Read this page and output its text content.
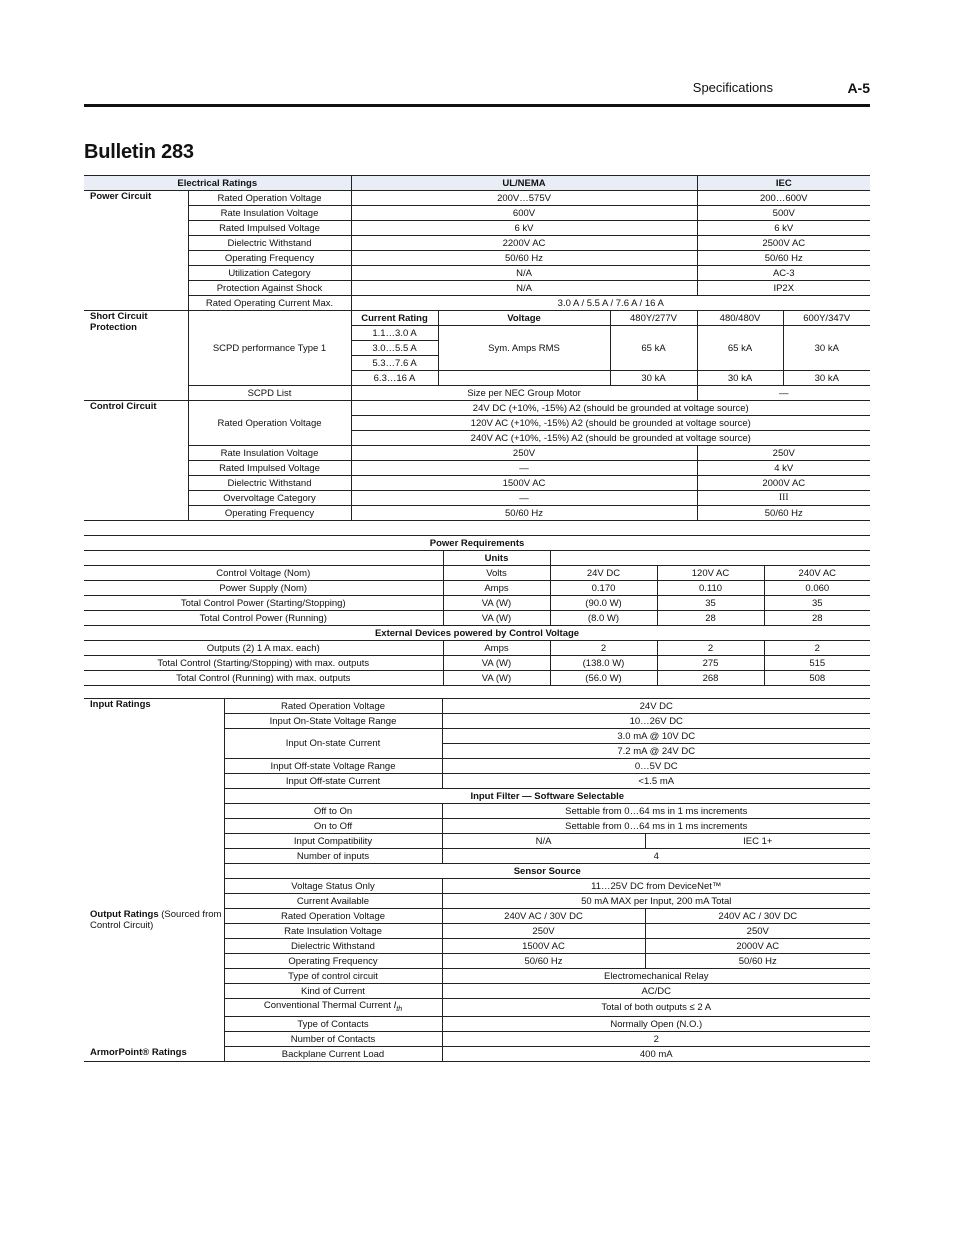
Specifications	A-5
Bulletin 283
Electrical Ratings		UL/NEMA			IEC	
Power Circuit	Rated Operation Voltage	200V…575V			200…600V	
	Rate Insulation Voltage	600V			500V	
	Rated Impulsed Voltage	6 kV			6 kV	
	Dielectric Withstand	2200V AC			2500V AC	
	Operating Frequency	50/60 Hz			50/60 Hz	
	Utilization Category	N/A			AC-3	
	Protection Against Shock	N/A			IP2X	
	Rated Operating Current Max.	3.0 A / 5.5 A / 7.6 A / 16 A				
Short Circuit Protection	SCPD performance Type 1	Current Rating	Voltage	480Y/277V	480/480V	600Y/347V
		1.1…3.0 A	Sym. Amps RMS	65 kA	65 kA	30 kA
		3.0…5.5 A				
		5.3…7.6 A				
		6.3…16 A		30 kA	30 kA	30 kA
	SCPD List	Size per NEC Group Motor			—	
Control Circuit	Rated Operation Voltage	24V DC (+10%, -15%) A2 (should be grounded at voltage source)				
		120V AC (+10%, -15%) A2 (should be grounded at voltage source)				
		240V AC (+10%, -15%) A2 (should be grounded at voltage source)				
	Rate Insulation Voltage	250V			250V	
	Rated Impulsed Voltage	—			4 kV	
	Dielectric Withstand	1500V AC			2000V AC	
	Overvoltage Category	—			III	
	Operating Frequency	50/60 Hz			50/60 Hz	
Power Requirements				
	Units			
Control Voltage (Nom)	Volts	24V DC	120V AC	240V AC
Power Supply (Nom)	Amps	0.170	0.110	0.060
Total Control Power (Starting/Stopping)	VA (W)	(90.0 W)	35	35
Total Control Power (Running)	VA (W)	(8.0 W)	28	28
External Devices powered by Control Voltage				
Outputs (2) 1 A max. each)	Amps	2	2	2
Total Control (Starting/Stopping) with max. outputs	VA (W)	(138.0 W)	275	515
Total Control (Running) with max. outputs	VA (W)	(56.0 W)	268	508
Input Ratings	Rated Operation Voltage	24V DC	
	Input On-State Voltage Range	10…26V DC	
	Input On-state Current	3.0 mA @ 10V DC	
		7.2 mA @ 24V DC	
	Input Off-state Voltage Range	0…5V DC	
	Input Off-state Current	<1.5 mA	
	Input Filter — Software Selectable		
	Off to On	Settable from 0…64 ms in 1 ms increments	
	On to Off	Settable from 0…64 ms in 1 ms increments	
	Input Compatibility	N/A	IEC 1+
	Number of inputs	4	
	Sensor Source		
	Voltage Status Only	11…25V DC from DeviceNet™	
	Current Available	50 mA MAX per Input, 200 mA Total	
Output Ratings (Sourced from Control Circuit)	Rated Operation Voltage	240V AC / 30V DC	240V AC / 30V DC
	Rate Insulation Voltage	250V	250V
	Dielectric Withstand	1500V AC	2000V AC
	Operating Frequency	50/60 Hz	50/60 Hz
	Type of control circuit	Electromechanical Relay	
	Kind of Current	AC/DC	
	Conventional Thermal Current $I_{th}$	Total of both outputs ≤ 2 A	
	Type of Contacts	Normally Open (N.O.)	
	Number of Contacts	2	
ArmorPoint® Ratings	Backplane Current Load	400 mA	
